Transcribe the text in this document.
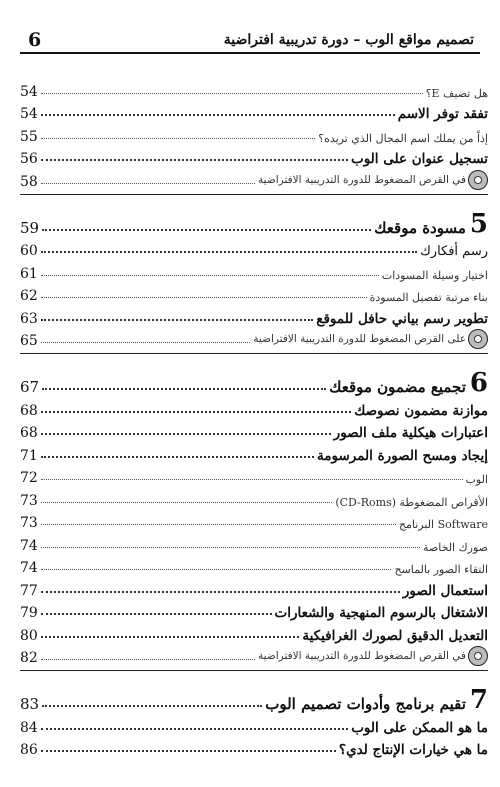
6	تصميم مواقع الوب – دورة تدريبية افتراضية
هل تضيف E؟
54
تفقد توفر الاسم
54
إذاً من يملك اسم المجال الذي تريده؟
55
تسجيل عنوان على الوب
56
في القرص المضغوط للدورة التدريبية الافتراضية
58
5
مسودة موقعك
59
رسم أفكارك
60
اختيار وسيلة المسودات
61
بناء مرتبة تفصيل المسودة
62
تطوير رسم بياني حافل للموقع
63
على القرص المضغوط للدورة التدريبية الافتراضية
65
6
تجميع مضمون موقعك
67
موازنة مضمون نصوصك
68
اعتبارات هيكلية ملف الصور
68
إيجاد ومسح الصورة المرسومة
71
الوب
72
الأقراص المضغوطة (CD-Roms)
73
Software البرنامج
73
صورك الخاصة
74
التقاء الصور بالماسح
74
استعمال الصور
77
الاشتغال بالرسوم المنهجية والشعارات
79
التعديل الدقيق لصورك الغرافيكية
80
في القرص المضغوط للدورة التدريبية الافتراضية
82
7
تقيم برنامج وأدوات تصميم الوب
83
ما هو الممكن على الوب
84
ما هي خيارات الإنتاج لدي؟
86
